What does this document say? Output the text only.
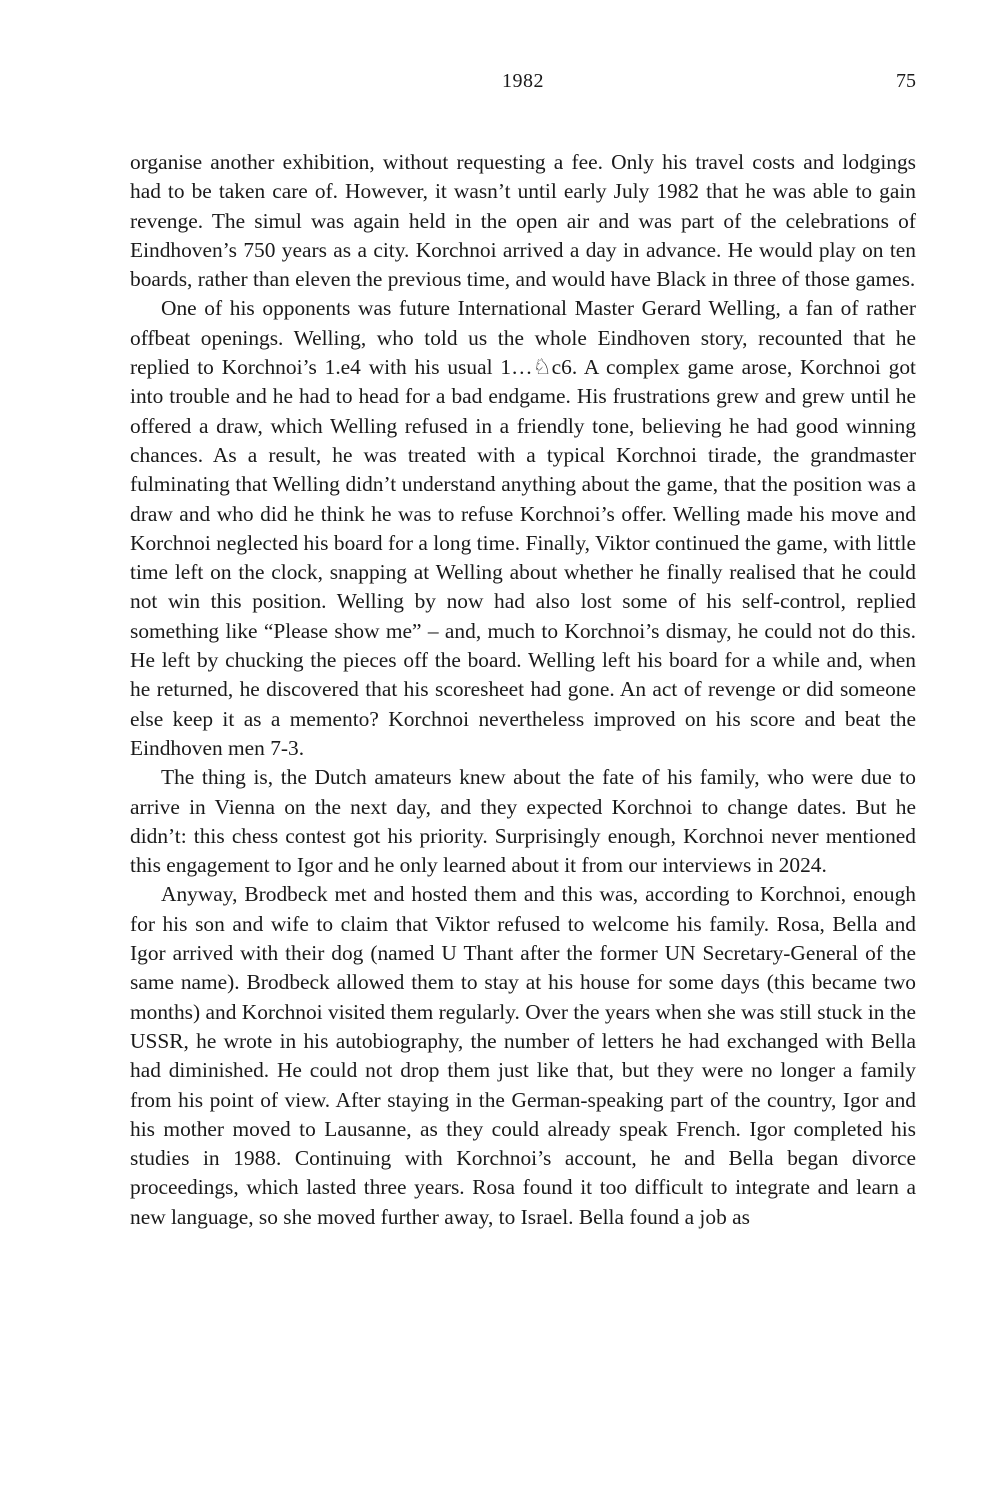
1982	75

organise another exhibition, without requesting a fee. Only his travel costs and lodgings had to be taken care of. However, it wasn’t until early July 1982 that he was able to gain revenge. The simul was again held in the open air and was part of the celebrations of Eindhoven’s 750 years as a city. Korchnoi arrived a day in advance. He would play on ten boards, rather than eleven the previous time, and would have Black in three of those games.

One of his opponents was future International Master Gerard Welling, a fan of rather offbeat openings. Welling, who told us the whole Eindhoven story, recounted that he replied to Korchnoi’s 1.e4 with his usual 1…♘c6. A complex game arose, Korchnoi got into trouble and he had to head for a bad endgame. His frustrations grew and grew until he offered a draw, which Welling refused in a friendly tone, believing he had good winning chances. As a result, he was treated with a typical Korchnoi tirade, the grandmaster fulminating that Welling didn’t understand anything about the game, that the position was a draw and who did he think he was to refuse Korchnoi’s offer. Welling made his move and Korchnoi neglected his board for a long time. Finally, Viktor continued the game, with little time left on the clock, snapping at Welling about whether he finally realised that he could not win this position. Welling by now had also lost some of his self-control, replied something like “Please show me” – and, much to Korchnoi’s dismay, he could not do this. He left by chucking the pieces off the board. Welling left his board for a while and, when he returned, he discovered that his scoresheet had gone. An act of revenge or did someone else keep it as a memento? Korchnoi nevertheless improved on his score and beat the Eindhoven men 7-3.

The thing is, the Dutch amateurs knew about the fate of his family, who were due to arrive in Vienna on the next day, and they expected Korchnoi to change dates. But he didn’t: this chess contest got his priority. Surprisingly enough, Korchnoi never mentioned this engagement to Igor and he only learned about it from our interviews in 2024.

Anyway, Brodbeck met and hosted them and this was, according to Korchnoi, enough for his son and wife to claim that Viktor refused to welcome his family. Rosa, Bella and Igor arrived with their dog (named U Thant after the former UN Secretary-General of the same name). Brodbeck allowed them to stay at his house for some days (this became two months) and Korchnoi visited them regularly. Over the years when she was still stuck in the USSR, he wrote in his autobiography, the number of letters he had exchanged with Bella had diminished. He could not drop them just like that, but they were no longer a family from his point of view. After staying in the German-speaking part of the country, Igor and his mother moved to Lausanne, as they could already speak French. Igor completed his studies in 1988. Continuing with Korchnoi’s account, he and Bella began divorce proceedings, which lasted three years. Rosa found it too difficult to integrate and learn a new language, so she moved further away, to Israel. Bella found a job as
